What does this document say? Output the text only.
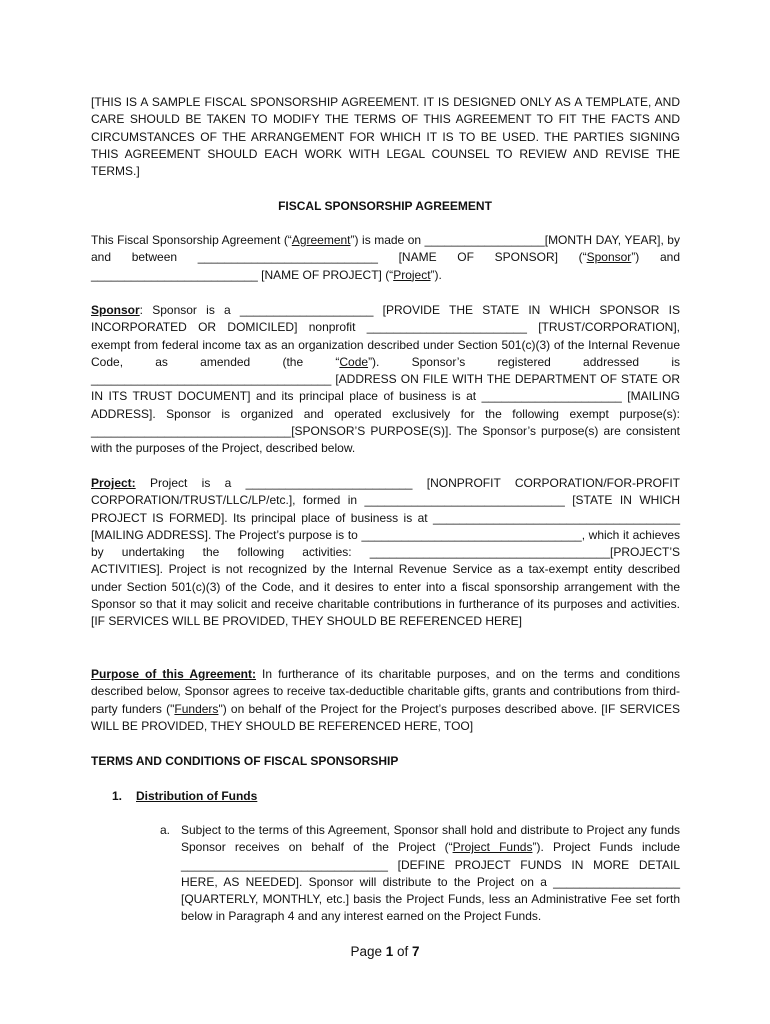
[THIS IS A SAMPLE FISCAL SPONSORSHIP AGREEMENT. IT IS DESIGNED ONLY AS A TEMPLATE, AND CARE SHOULD BE TAKEN TO MODIFY THE TERMS OF THIS AGREEMENT TO FIT THE FACTS AND CIRCUMSTANCES OF THE ARRANGEMENT FOR WHICH IT IS TO BE USED. THE PARTIES SIGNING THIS AGREEMENT SHOULD EACH WORK WITH LEGAL COUNSEL TO REVIEW AND REVISE THE TERMS.]

FISCAL SPONSORSHIP AGREEMENT

This Fiscal Sponsorship Agreement (“Agreement”) is made on __________________[MONTH DAY, YEAR], by and between ___________________________ [NAME OF SPONSOR] (“Sponsor”) and _________________________ [NAME OF PROJECT] (“Project”).

Sponsor: Sponsor is a ____________________ [PROVIDE THE STATE IN WHICH SPONSOR IS INCORPORATED OR DOMICILED] nonprofit ________________________ [TRUST/CORPORATION], exempt from federal income tax as an organization described under Section 501(c)(3) of the Internal Revenue Code, as amended (the “Code”). Sponsor’s registered addressed is ____________________________________ [ADDRESS ON FILE WITH THE DEPARTMENT OF STATE OR IN ITS TRUST DOCUMENT] and its principal place of business is at _____________________ [MAILING ADDRESS]. Sponsor is organized and operated exclusively for the following exempt purpose(s): ______________________________[SPONSOR’S PURPOSE(S)]. The Sponsor’s purpose(s) are consistent with the purposes of the Project, described below.

Project: Project is a _________________________ [NONPROFIT CORPORATION/FOR-PROFIT CORPORATION/TRUST/LLC/LP/etc.], formed in ______________________________ [STATE IN WHICH PROJECT IS FORMED]. Its principal place of business is at _____________________________________ [MAILING ADDRESS]. The Project’s purpose is to _________________________________, which it achieves by undertaking the following activities: ____________________________________[PROJECT’S ACTIVITIES]. Project is not recognized by the Internal Revenue Service as a tax-exempt entity described under Section 501(c)(3) of the Code, and it desires to enter into a fiscal sponsorship arrangement with the Sponsor so that it may solicit and receive charitable contributions in furtherance of its purposes and activities. [IF SERVICES WILL BE PROVIDED, THEY SHOULD BE REFERENCED HERE]

Purpose of this Agreement: In furtherance of its charitable purposes, and on the terms and conditions described below, Sponsor agrees to receive tax-deductible charitable gifts, grants and contributions from third-party funders ("Funders") on behalf of the Project for the Project’s purposes described above. [IF SERVICES WILL BE PROVIDED, THEY SHOULD BE REFERENCED HERE, TOO]

TERMS AND CONDITIONS OF FISCAL SPONSORSHIP

1. Distribution of Funds

a. Subject to the terms of this Agreement, Sponsor shall hold and distribute to Project any funds Sponsor receives on behalf of the Project (“Project Funds”). Project Funds include _______________________________ [DEFINE PROJECT FUNDS IN MORE DETAIL HERE, AS NEEDED]. Sponsor will distribute to the Project on a ___________________ [QUARTERLY, MONTHLY, etc.] basis the Project Funds, less an Administrative Fee set forth below in Paragraph 4 and any interest earned on the Project Funds.

Page 1 of 7
